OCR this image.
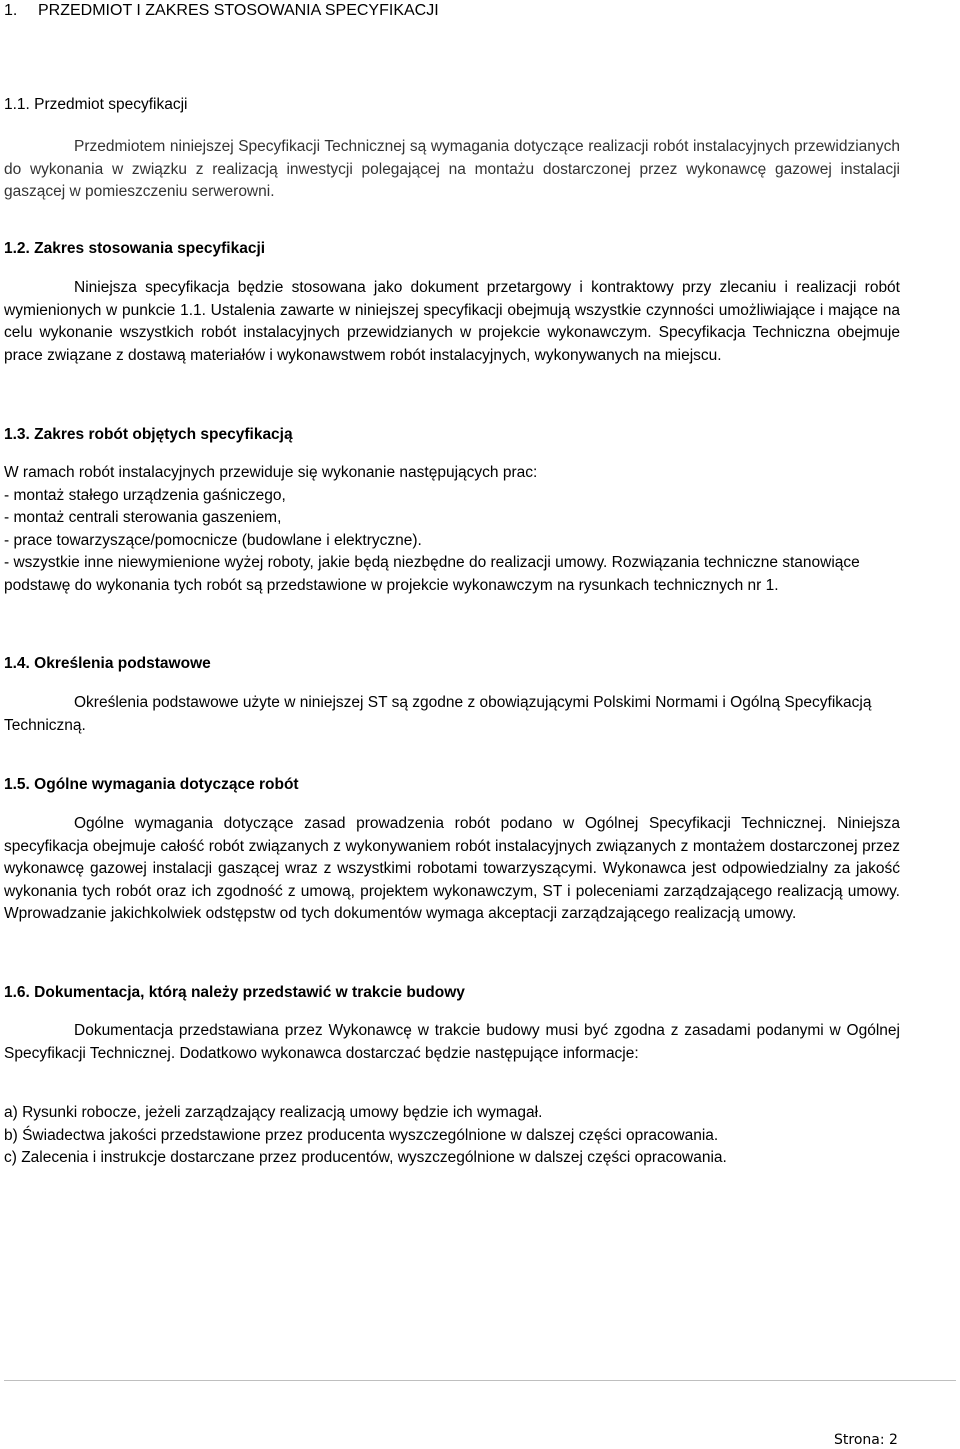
1. PRZEDMIOT I ZAKRES STOSOWANIA SPECYFIKACJI
1.1. Przedmiot specyfikacji
Przedmiotem niniejszej Specyfikacji Technicznej są wymagania dotyczące realizacji robót instalacyjnych przewidzianych do wykonania w związku z realizacją inwestycji polegającej na montażu dostarczonej przez wykonawcę gazowej instalacji gaszącej w pomieszczeniu serwerowni.
1.2. Zakres stosowania specyfikacji
Niniejsza specyfikacja będzie stosowana jako dokument przetargowy i kontraktowy przy zlecaniu i realizacji robót wymienionych w punkcie 1.1. Ustalenia zawarte w niniejszej specyfikacji obejmują wszystkie czynności umożliwiające i mające na celu wykonanie wszystkich robót instalacyjnych przewidzianych w projekcie wykonawczym. Specyfikacja Techniczna obejmuje prace związane z dostawą materiałów i wykonawstwem robót instalacyjnych, wykonywanych na miejscu.
1.3. Zakres robót objętych specyfikacją
W ramach robót instalacyjnych przewiduje się wykonanie następujących prac:
- montaż stałego urządzenia gaśniczego,
- montaż centrali sterowania gaszeniem,
- prace towarzyszące/pomocnicze (budowlane i elektryczne).
- wszystkie inne niewymienione wyżej roboty, jakie będą niezbędne do realizacji umowy. Rozwiązania techniczne stanowiące podstawę do wykonania tych robót są przedstawione w projekcie wykonawczym na rysunkach technicznych nr 1.
1.4. Określenia podstawowe
Określenia podstawowe użyte w niniejszej ST są zgodne z obowiązującymi Polskimi Normami i Ogólną Specyfikacją Techniczną.
1.5. Ogólne wymagania dotyczące robót
Ogólne wymagania dotyczące zasad prowadzenia robót podano w Ogólnej Specyfikacji Technicznej. Niniejsza specyfikacja obejmuje całość robót związanych z wykonywaniem robót instalacyjnych związanych z montażem dostarczonej przez wykonawcę gazowej instalacji gaszącej wraz z wszystkimi robotami towarzyszącymi. Wykonawca jest odpowiedzialny za jakość wykonania tych robót oraz ich zgodność z umową, projektem wykonawczym, ST i poleceniami zarządzającego realizacją umowy. Wprowadzanie jakichkolwiek odstępstw od tych dokumentów wymaga akceptacji zarządzającego realizacją umowy.
1.6. Dokumentacja, którą należy przedstawić w trakcie budowy
Dokumentacja przedstawiana przez Wykonawcę w trakcie budowy musi być zgodna z zasadami podanymi w Ogólnej Specyfikacji Technicznej. Dodatkowo wykonawca dostarczać będzie następujące informacje:
a) Rysunki robocze, jeżeli zarządzający realizacją umowy będzie ich wymagał.
b) Świadectwa jakości przedstawione przez producenta wyszczególnione w dalszej części opracowania.
c) Zalecenia i instrukcje dostarczane przez producentów, wyszczególnione w dalszej części opracowania.
Strona: 2
